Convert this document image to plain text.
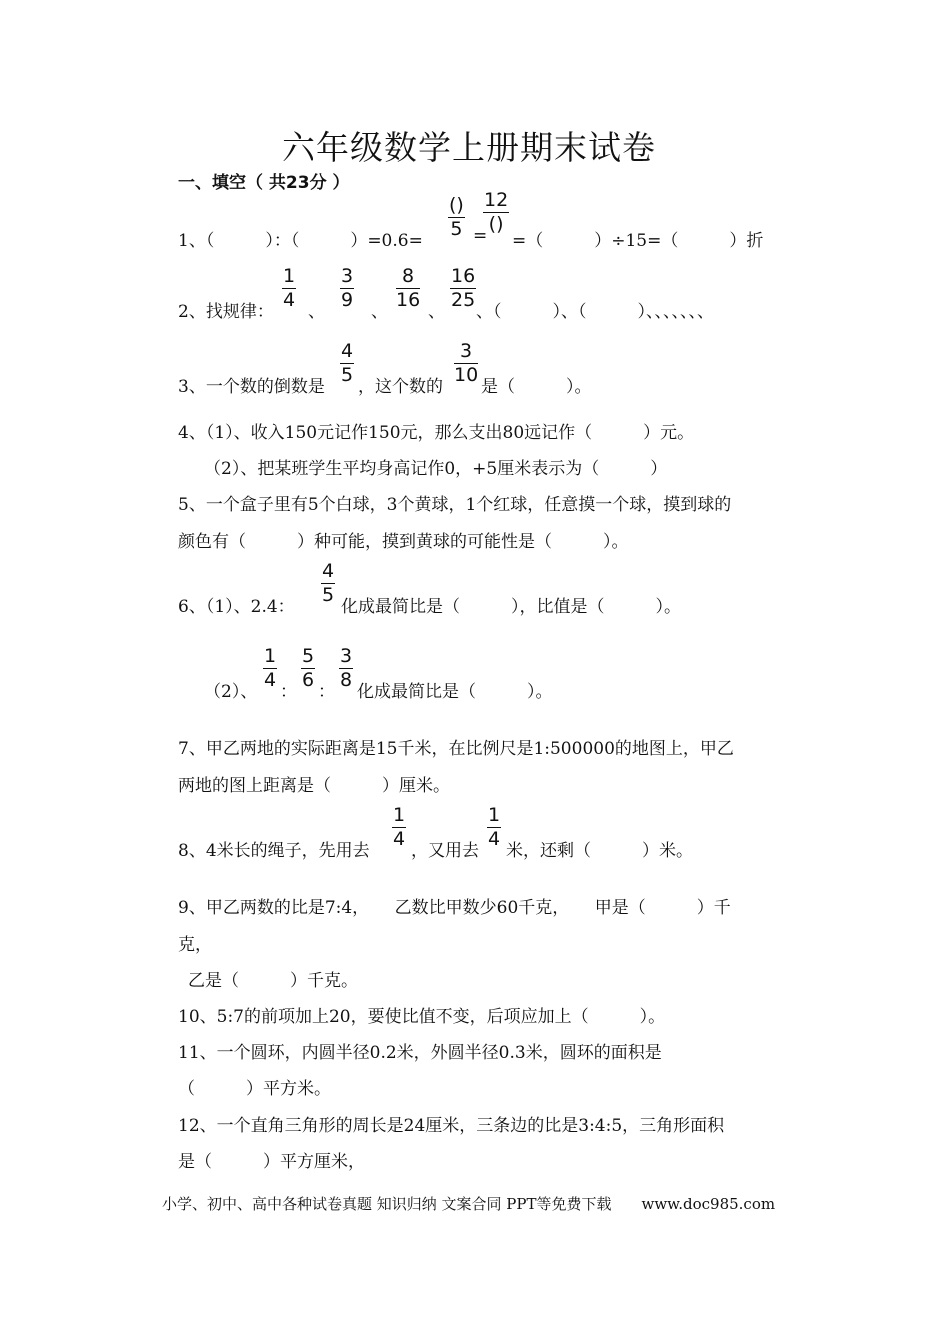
六年级数学上册期末试卷
一、填空（ 共23分 ）
1、（　　　）：（　　　）=0.6=
()
5 =
12
()
=（　　　）÷15=（　　　）折
2、找规律：
1
4
、
3
9
、
8
16
、
16
25
、（　　　）、（　　　）、、、、、、、
3、一个数的倒数是
4
5
，这个数的
3
10
是（　　　）。
4、（1）、收入150元记作150元，那么支出80远记作（　　　）元。
（2）、把某班学生平均身高记作0，+5厘米表示为（　　　）
5、一个盒子里有5个白球，3个黄球，1个红球，任意摸一个球，摸到球的
颜色有（　　　）种可能，摸到黄球的可能性是（　　　）。
6、（1）、2.4：
4
5
化成最简比是（　　　），比值是（　　　）。
（2）、
1
4
：
5
6
：
3
8
化成最简比是（　　　）。
7、甲乙两地的实际距离是15千米，在比例尺是1:500000的地图上，甲乙
两地的图上距离是（　　　）厘米。
8、4米长的绳子，先用去
1
4
，又用去
1
4
米，还剩（　　　）米。
9、甲乙两数的比是7:4，　　乙数比甲数少60千克，　　甲是（　　　）千
克，
乙是（　　　）千克。
10、5:7的前项加上20，要使比值不变，后项应加上（　　　）。
11、一个圆环，内圆半径0.2米，外圆半径0.3米，圆环的面积是
（　　　）平方米。
12、一个直角三角形的周长是24厘米，三条边的比是3:4:5，三角形面积
是（　　　）平方厘米，
小学、初中、高中各种试卷真题 知识归纳 文案合同 PPT等免费下载　　www.doc985.com
